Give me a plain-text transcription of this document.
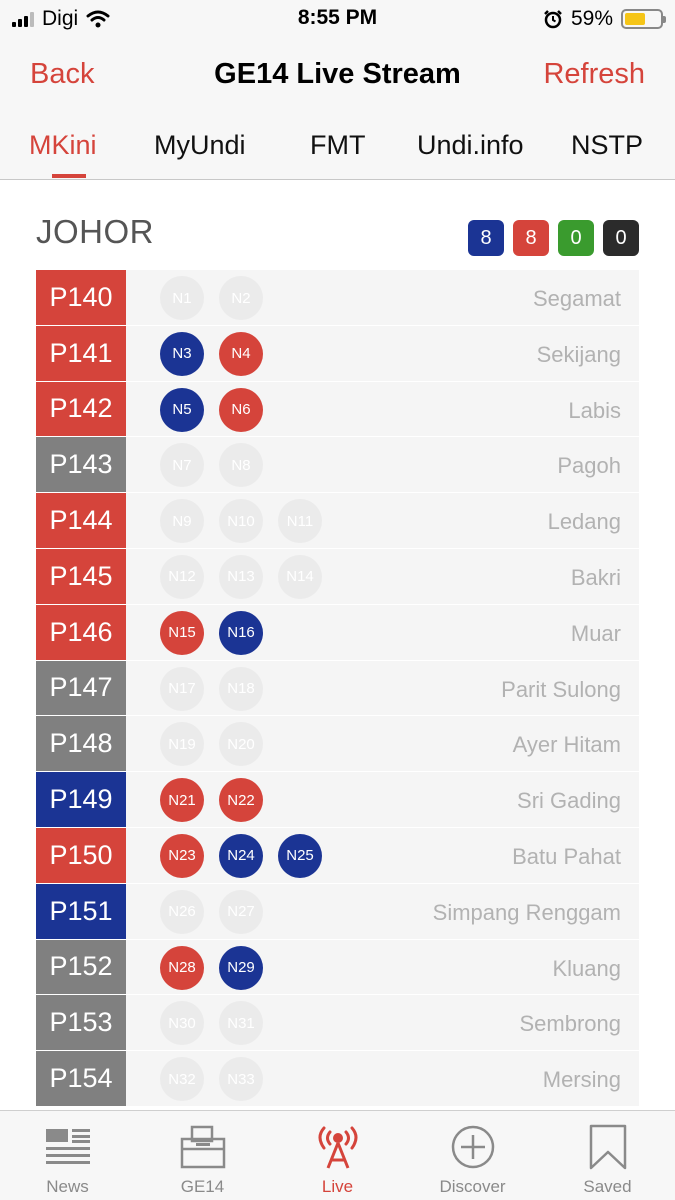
Digi	8:55 PM	59%
Back	GE14 Live Stream	Refresh
MKini MyUndi FMT Undi.info NSTP
JOHOR	8	8	0	0
P140	N1	N2	Segamat
P141	N3	N4	Sekijang
P142	N5	N6	Labis
P143	N7	N8	Pagoh
P144	N9	N10	N11	Ledang
P145	N12	N13	N14	Bakri
P146	N15	N16	Muar
P147	N17	N18	Parit Sulong
P148	N19	N20	Ayer Hitam
P149	N21	N22	Sri Gading
P150	N23	N24	N25	Batu Pahat
P151	N26	N27	Simpang Renggam
P152	N28	N29	Kluang
P153	N30	N31	Sembrong
P154	N32	N33	Mersing
News	GE14	Live	Discover	Saved
